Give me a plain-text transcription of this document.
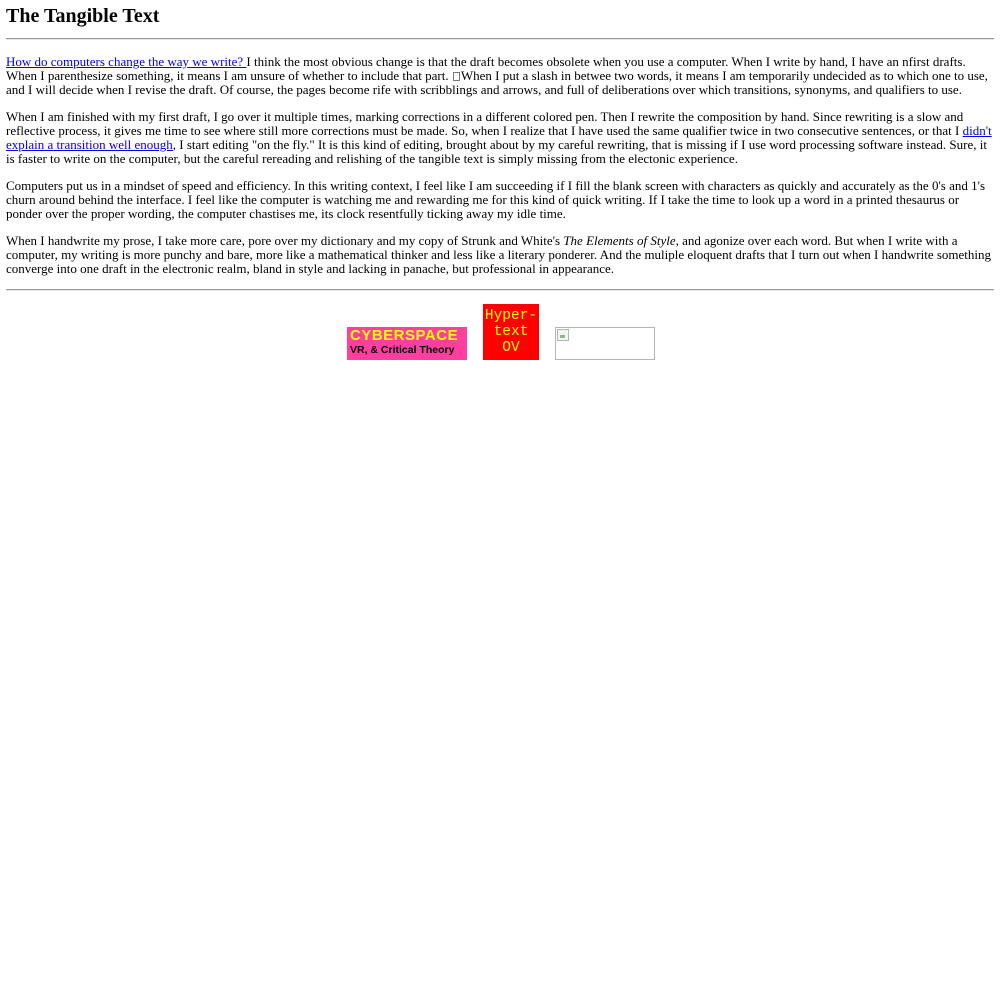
The Tangible Text

How do computers change the way we write? I think the most obvious change is that the draft becomes obsolete when you use a computer. When I write by hand, I have an nfirst drafts. When I parenthesize something, it means I am unsure of whether to include that part. When I put a slash in betwee two words, it means I am temporarily undecided as to which one to use, and I will decide when I revise the draft. Of course, the pages become rife with scribblings and arrows, and full of deliberations over which transitions, synonyms, and qualifiers to use.

When I am finished with my first draft, I go over it multiple times, marking corrections in a different colored pen. Then I rewrite the composition by hand. Since rewriting is a slow and reflective process, it gives me time to see where still more corrections must be made. So, when I realize that I have used the same qualifier twice in two consecutive sentences, or that I didn't explain a transition well enough, I start editing "on the fly." It is this kind of editing, brought about by my careful rewriting, that is missing if I use word processing software instead. Sure, it is faster to write on the computer, but the careful rereading and relishing of the tangible text is simply missing from the electonic experience.

Computers put us in a mindset of speed and efficiency. In this writing context, I feel like I am succeeding if I fill the blank screen with characters as quickly and accurately as the 0's and 1's churn around behind the interface. I feel like the computer is watching me and rewarding me for this kind of quick writing. If I take the time to look up a word in a printed thesaurus or ponder over the proper wording, the computer chastises me, its clock resentfully ticking away my idle time.

When I handwrite my prose, I take more care, pore over my dictionary and my copy of Strunk and White's The Elements of Style, and agonize over each word. But when I write with a computer, my writing is more punchy and bare, more like a mathematical thinker and less like a literary ponderer. And the muliple eloquent drafts that I turn out when I handwrite something converge into one draft in the electronic realm, bland in style and lacking in panache, but professional in appearance.

CYBERSPACE
VR, & Critical Theory
Hyper-
text
OV
